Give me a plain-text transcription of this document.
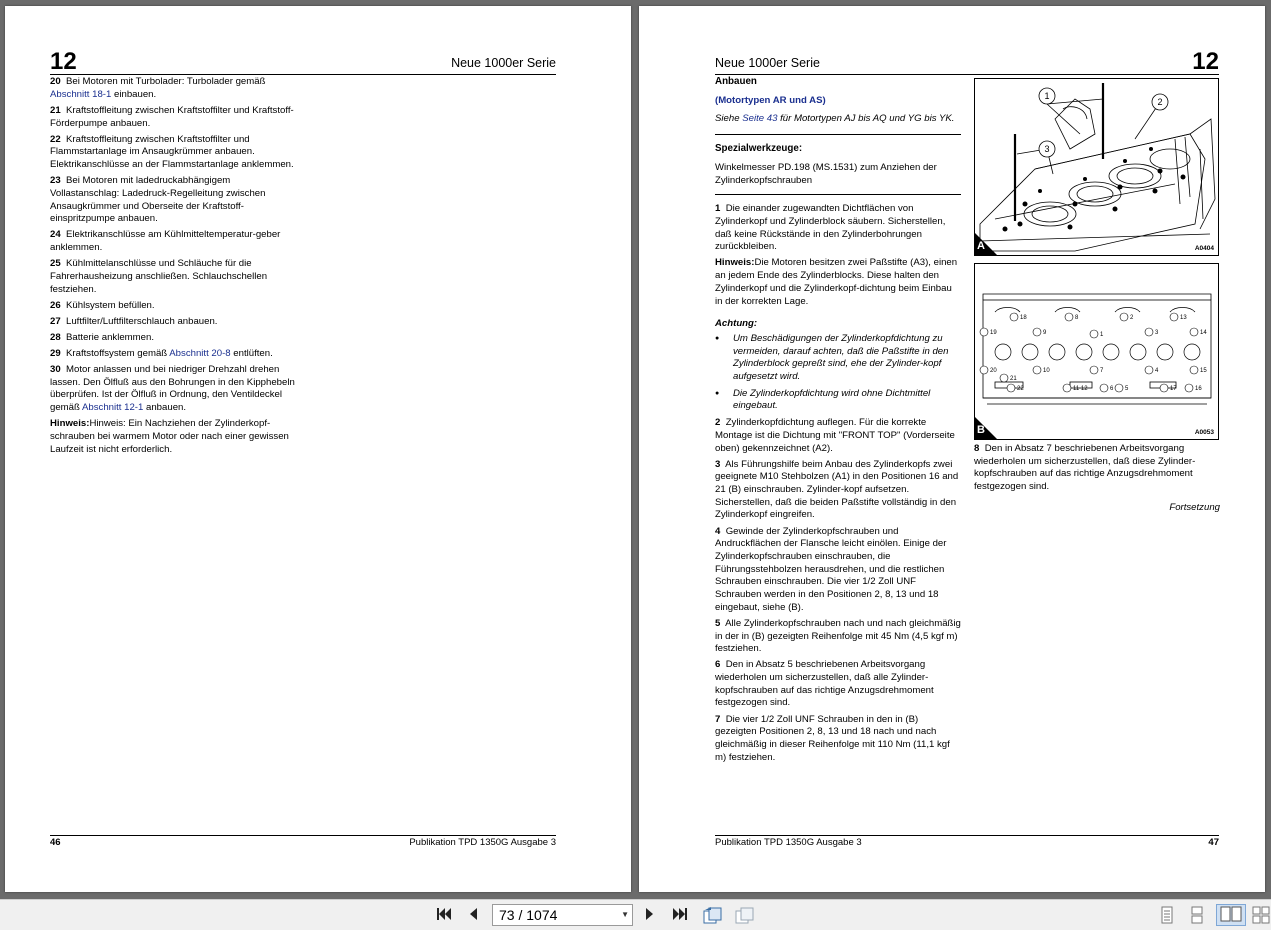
12	Neue 1000er Serie

20 Bei Motoren mit Turbolader: Turbolader gemäß Abschnitt 18-1 einbauen.

21 Kraftstoffleitung zwischen Kraftstoffilter und Kraftstoff-Förderpumpe anbauen.

22 Kraftstoffleitung zwischen Kraftstoffilter und Flammstartanlage im Ansaugkrümmer anbauen. Elektrikanschlüsse an der Flammstartanlage anklemmen.

23 Bei Motoren mit ladedruckabhängigem Vollastanschlag: Ladedruck-Regelleitung zwischen Ansaugkrümmer und Oberseite der Kraftstoff-einspritzpumpe anbauen.

24 Elektrikanschlüsse am Kühlmitteltemperatur-geber anklemmen.

25 Kühlmittelanschlüsse und Schläuche für die Fahrerhausheizung anschließen. Schlauchschellen festziehen.

26 Kühlsystem befüllen.

27 Luftfilter/Luftfilterschlauch anbauen.

28 Batterie anklemmen.

29 Kraftstoffsystem gemäß Abschnitt 20-8 entlüften.

30 Motor anlassen und bei niedriger Drehzahl drehen lassen. Den Ölfluß aus den Bohrungen in den Kipphebeln überprüfen. Ist der Ölfluß in Ordnung, den Ventildeckel gemäß Abschnitt 12-1 anbauen.

Hinweis:Hinweis: Ein Nachziehen der Zylinderkopf-schrauben bei warmem Motor oder nach einer gewissen Laufzeit ist nicht erforderlich.

46	Publikation TPD 1350G Ausgabe 3
Neue 1000er Serie	12

Anbauen

(Motortypen AR und AS)

Siehe Seite 43 für Motortypen AJ bis AQ und YG bis YK.

Spezialwerkzeuge:

Winkelmesser PD.198 (MS.1531) zum Anziehen der Zylinderkopfschrauben

1 Die einander zugewandten Dichtflächen von Zylinderkopf und Zylinderblock säubern. Sicherstellen, daß keine Rückstände in den Zylinderbohrungen zurückbleiben.

Hinweis:Die Motoren besitzen zwei Paßstifte (A3), einen an jedem Ende des Zylinderblocks. Diese halten den Zylinderkopf und die Zylinderkopf-dichtung beim Einbau in der korrekten Lage.

Achtung:

●	Um Beschädigungen der Zylinderkopfdichtung zu vermeiden, darauf achten, daß die Paßstifte in den Zylinderblock gepreßt sind, ehe der Zylinder-kopf aufgesetzt wird.
●	Die Zylinderkopfdichtung wird ohne Dichtmittel eingebaut.

2 Zylinderkopfdichtung auflegen. Für die korrekte Montage ist die Dichtung mit "FRONT TOP" (Vorderseite oben) gekennzeichnet (A2).

3 Als Führungshilfe beim Anbau des Zylinderkopfs zwei geeignete M10 Stehbolzen (A1) in den Positionen 16 and 21 (B) einschrauben. Zylinder-kopf aufsetzen. Sicherstellen, daß die beiden Paßstifte vollständig in den Zylinderkopf eingreifen.

4 Gewinde der Zylinderkopfschrauben und Andruckflächen der Flansche leicht einölen. Einige der Zylinderkopfschrauben einschrauben, die Führungsstehbolzen herausdrehen, und die restlichen Schrauben einschrauben. Die vier 1/2 Zoll UNF Schrauben werden in den Positionen 2, 8, 13 und 18 eingebaut, siehe (B).

5 Alle Zylinderkopfschrauben nach und nach gleichmäßig in der in (B) gezeigten Reihenfolge mit 45 Nm (4,5 kgf m) festziehen.

6 Den in Absatz 5 beschriebenen Arbeitsvorgang wiederholen um sicherzustellen, daß alle Zylinder-kopfschrauben auf das richtige Anzugsdrehmoment festgezogen sind.

7 Die vier 1/2 Zoll UNF Schrauben in den in (B) gezeigten Positionen 2, 8, 13 und 18 nach und nach gleichmäßig in dieser Reihenfolge mit 110 Nm (11,1 kgf m) festziehen.

1
2
3
A	A0404
18	8	2	13
19	9	1	3	14
20	10	7	4	15
21
22	11 12	6 5	17	16
B	A0053

8 Den in Absatz 7 beschriebenen Arbeitsvorgang wiederholen um sicherzustellen, daß diese Zylinder-kopfschrauben auf das richtige Anzugsdrehmoment festgezogen sind.

Fortsetzung

Publikation TPD 1350G Ausgabe 3	47
73 / 1074	▼
